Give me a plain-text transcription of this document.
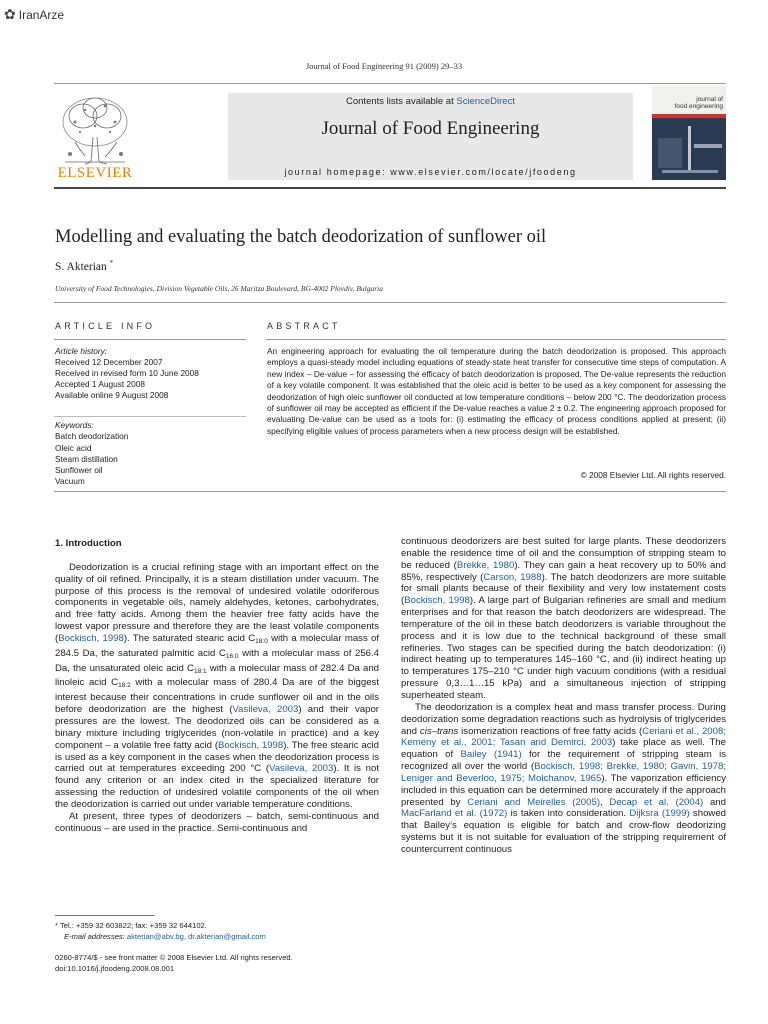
✿ IranArze
Journal of Food Engineering 91 (2009) 29–33
ELSEVIER
Contents lists available at ScienceDirect
Journal of Food Engineering
journal homepage: www.elsevier.com/locate/jfoodeng
journal of
food engineering
Modelling and evaluating the batch deodorization of sunflower oil
S. Akterian *
University of Food Technologies, Division Vegetable Oils, 26 Maritza Boulevard, BG-4002 Plovdiv, Bulgaria
ARTICLE INFO	ABSTRACT
Article history:
Received 12 December 2007
Received in revised form 10 June 2008
Accepted 1 August 2008
Available online 9 August 2008
Keywords:
Batch deodorization
Oleic acid
Steam distillation
Sunflower oil
Vacuum
An engineering approach for evaluating the oil temperature during the batch deodorization is proposed. This approach employs a quasi-steady model including equations of steady-state heat transfer for consecutive time steps of computation. A new index – De-value – for assessing the efficacy of batch deodorization is proposed. The De-value represents the reduction of a key volatile component. It was established that the oleic acid is better to be used as a key component for assessing the deodorization of high oleic sunflower oil conducted at low temperature conditions – below 200 °C. The deodorization process of sunflower oil may be accepted as efficient if the De-value reaches a value 2 ± 0.2. The engineering approach proposed for evaluating De-value can be used as a tools for: (i) estimating the efficacy of process conditions applied at present; (ii) specifying eligible values of process parameters when a new process design will be established.
© 2008 Elsevier Ltd. All rights reserved.

1. Introduction

Deodorization is a crucial refining stage with an important effect on the quality of oil refined. Principally, it is a steam distillation under vacuum. The purpose of this process is the removal of undesired volatile odoriferous components in vegetable oils, namely aldehydes, ketones, carbohydrates, and free fatty acids. Among them the heavier free fatty acids have the lowest vapor pressure and therefore they are the least volatile components (Bockisch, 1998). The saturated stearic acid $C_{18:0}$ with a molecular mass of 284.5 Da, the saturated palmitic acid $C_{16:0}$ with a molecular mass of 256.4 Da, the unsaturated oleic acid $C_{18:1}$ with a molecular mass of 282.4 Da and linoleic acid $C_{18:2}$ with a molecular mass of 280.4 Da are of the biggest interest because their concentrations in crude sunflower oil and in the oils before deodorization are the highest (Vasileva, 2003) and their vapor pressures are the lowest. The deodorized oils can be considered as a binary mixture including triglycerides (non-volatile in practice) and a key component – a volatile free fatty acid (Bockisch, 1998). The free stearic acid is used as a key component in the cases when the deodorization process is carried out at temperatures exceeding 200 °C (Vasileva, 2003). It is not found any criterion or an index cited in the specialized literature for assessing the reduction of undesired volatile components of the oil when the deodorization is carried out under variable temperature conditions.

At present, three types of deodorizers – batch, semi-continuous and continuous – are used in the practice. Semi-continuous and

continuous deodorizers are best suited for large plants. These deodorizers enable the residence time of oil and the consumption of stripping steam to be reduced (Brekke, 1980). They can gain a heat recovery up to 50% and 85%, respectively (Carson, 1988). The batch deodorizers are more suitable for small plants because of their flexibility and very low instatement costs (Bockisch, 1998). A large part of Bulgarian refineries are small and medium enterprises and for that reason the batch deodorizers are widespread. The temperature of the oil in these batch deodorizers is variable throughout the process and it is low due to the technical background of these small refineries. Two stages can be specified during the batch deodorization: (i) indirect heating up to temperatures 145–160 °C, and (ii) indirect heating up to temperatures 175–210 °C under high vacuum conditions (with a residual pressure 0,3…1…15 kPa) and a simultaneous injection of stripping superheated steam.

The deodorization is a complex heat and mass transfer process. During deodorization some degradation reactions such as hydrolysis of triglycerides and cis–trans isomerization reactions of free fatty acids (Ceriani et al., 2008; Kemeny et al., 2001; Tasan and Demirci, 2003) take place as well. The equation of Bailey (1941) for the requirement of stripping steam is recognized all over the world (Bockisch, 1998; Brekke, 1980; Gavin, 1978; Leniger and Beverloo, 1975; Molchanov, 1965). The vaporization efficiency included in this equation can be determined more accurately if the approach presented by Ceriani and Meirelles (2005), Decap et al. (2004) and MacFarland et al. (1972) is taken into consideration. Dijksra (1999) showed that Bailey’s equation is eligible for batch and crow-flow deodorizing systems but it is not suitable for evaluation of the stripping requirement of countercurrent continuous

* Tel.: +359 32 603822; fax: +359 32 644102.
E-mail addresses: akterian@abv.bg, dr.akterian@gmail.com
0260-8774/$ - see front matter © 2008 Elsevier Ltd. All rights reserved.
doi:10.1016/j.jfoodeng.2008.08.001
